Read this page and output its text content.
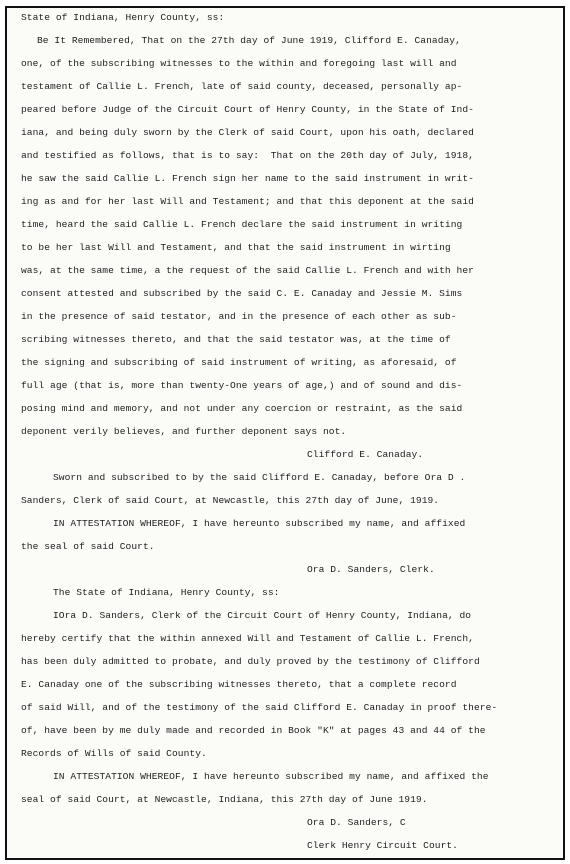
State of Indiana, Henry County, ss:
Be It Remembered, That on the 27th day of June 1919, Clifford E. Canaday,
one, of the subscribing witnesses to the within and foregoing last will and
testament of Callie L. French, late of said county, deceased, personally ap-
peared before Judge of the Circuit Court of Henry County, in the State of Ind-
iana, and being duly sworn by the Clerk of said Court, upon his oath, declared
and testified as follows, that is to say:  That on the 20th day of July, 1918,
he saw the said Callie L. French sign her name to the said instrument in writ-
ing as and for her last Will and Testament; and that this deponent at the said
time, heard the said Callie L. French declare the said instrument in writing
to be her last Will and Testament, and that the said instrument in wirting
was, at the same time, a the request of the said Callie L. French and with her
consent attested and subscribed by the said C. E. Canaday and Jessie M. Sims
in the presence of said testator, and in the presence of each other as sub-
scribing witnesses thereto, and that the said testator was, at the time of
the signing and subscribing of said instrument of writing, as aforesaid, of
full age (that is, more than twenty-One years of age,) and of sound and dis-
posing mind and memory, and not under any coercion or restraint, as the said
deponent verily believes, and further deponent says not.
Clifford E. Canaday.
Sworn and subscribed to by the said Clifford E. Canaday, before Ora D .
Sanders, Clerk of said Court, at Newcastle, this 27th day of June, 1919.
IN ATTESTATION WHEREOF, I have hereunto subscribed my name, and affixed
the seal of said Court.
Ora D. Sanders, Clerk.
The State of Indiana, Henry County, ss:
IOra D. Sanders, Clerk of the Circuit Court of Henry County, Indiana, do
hereby certify that the within annexed Will and Testament of Callie L. French,
has been duly admitted to probate, and duly proved by the testimony of Clifford
E. Canaday one of the subscribing witnesses thereto, that a complete record
of said Will, and of the testimony of the said Clifford E. Canaday in proof there-
of, have been by me duly made and recorded in Book "K" at pages 43 and 44 of the
Records of Wills of said County.
IN ATTESTATION WHEREOF, I have hereunto subscribed my name, and affixed the
seal of said Court, at Newcastle, Indiana, this 27th day of June 1919.
Ora D. Sanders, C
Clerk Henry Circuit Court.
